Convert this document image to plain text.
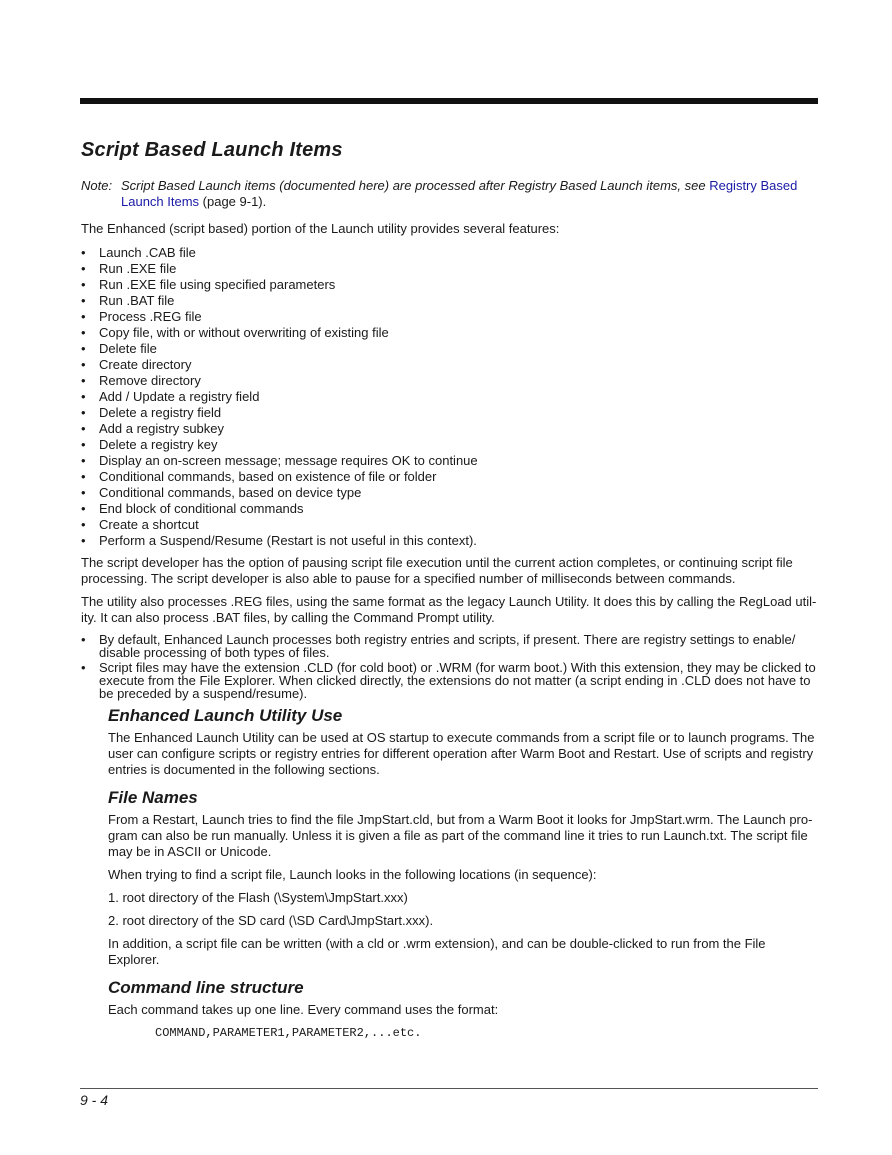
Script Based Launch Items
Note: Script Based Launch items (documented here) are processed after Registry Based Launch items, see Registry Based Launch Items (page 9-1).

The Enhanced (script based) portion of the Launch utility provides several features:

• Launch .CAB file
• Run .EXE file
• Run .EXE file using specified parameters
• Run .BAT file
• Process .REG file
• Copy file, with or without overwriting of existing file
• Delete file
• Create directory
• Remove directory
• Add / Update a registry field
• Delete a registry field
• Add a registry subkey
• Delete a registry key
• Display an on-screen message; message requires OK to continue
• Conditional commands, based on existence of file or folder
• Conditional commands, based on device type
• End block of conditional commands
• Create a shortcut
• Perform a Suspend/Resume (Restart is not useful in this context).

The script developer has the option of pausing script file execution until the current action completes, or continuing script file processing. The script developer is also able to pause for a specified number of milliseconds between commands.

The utility also processes .REG files, using the same format as the legacy Launch Utility. It does this by calling the RegLoad util-ity. It can also process .BAT files, by calling the Command Prompt utility.

• By default, Enhanced Launch processes both registry entries and scripts, if present. There are registry settings to enable/ disable processing of both types of files.
• Script files may have the extension .CLD (for cold boot) or .WRM (for warm boot.) With this extension, they may be clicked to execute from the File Explorer. When clicked directly, the extensions do not matter (a script ending in .CLD does not have to be preceded by a suspend/resume).
Enhanced Launch Utility Use

The Enhanced Launch Utility can be used at OS startup to execute commands from a script file or to launch programs. The user can configure scripts or registry entries for different operation after Warm Boot and Restart. Use of scripts and registry entries is documented in the following sections.

File Names

From a Restart, Launch tries to find the file JmpStart.cld, but from a Warm Boot it looks for JmpStart.wrm. The Launch pro-gram can also be run manually. Unless it is given a file as part of the command line it tries to run Launch.txt. The script file may be in ASCII or Unicode.

When trying to find a script file, Launch looks in the following locations (in sequence):

1. root directory of the Flash (\System\JmpStart.xxx)

2. root directory of the SD card (\SD Card\JmpStart.xxx).

In addition, a script file can be written (with a cld or .wrm extension), and can be double-clicked to run from the File Explorer.

Command line structure

Each command takes up one line. Every command uses the format:

COMMAND,PARAMETER1,PARAMETER2,...etc.
9 - 4
